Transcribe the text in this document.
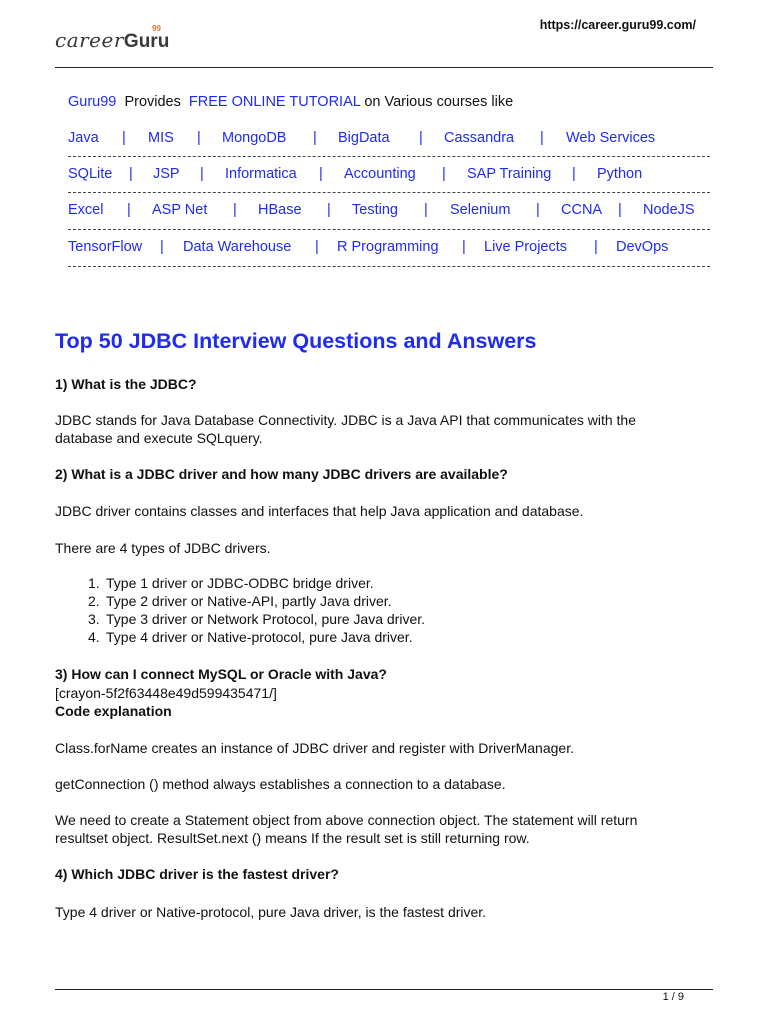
careerGuru
99	https://career.guru99.com/
Guru99 Provides FREE ONLINE TUTORIAL on Various courses like
Java | MIS | MongoDB | BigData | Cassandra | Web Services
SQLite | JSP | Informatica | Accounting | SAP Training | Python
Excel | ASP Net | HBase | Testing | Selenium | CCNA | NodeJS
TensorFlow | Data Warehouse | R Programming | Live Projects | DevOps
Top 50 JDBC Interview Questions and Answers
1) What is the JDBC?
JDBC stands for Java Database Connectivity. JDBC is a Java API that communicates with the
database and execute SQLquery.
2) What is a JDBC driver and how many JDBC drivers are available?
JDBC driver contains classes and interfaces that help Java application and database.
There are 4 types of JDBC drivers.
1. Type 1 driver or JDBC-ODBC bridge driver.
2. Type 2 driver or Native-API, partly Java driver.
3. Type 3 driver or Network Protocol, pure Java driver.
4. Type 4 driver or Native-protocol, pure Java driver.
3) How can I connect MySQL or Oracle with Java?
[crayon-5f2f63448e49d599435471/]
Code explanation
Class.forName creates an instance of JDBC driver and register with DriverManager.
getConnection () method always establishes a connection to a database.
We need to create a Statement object from above connection object. The statement will return
resultset object. ResultSet.next () means If the result set is still returning row.
4) Which JDBC driver is the fastest driver?
Type 4 driver or Native-protocol, pure Java driver, is the fastest driver.
1 / 9
